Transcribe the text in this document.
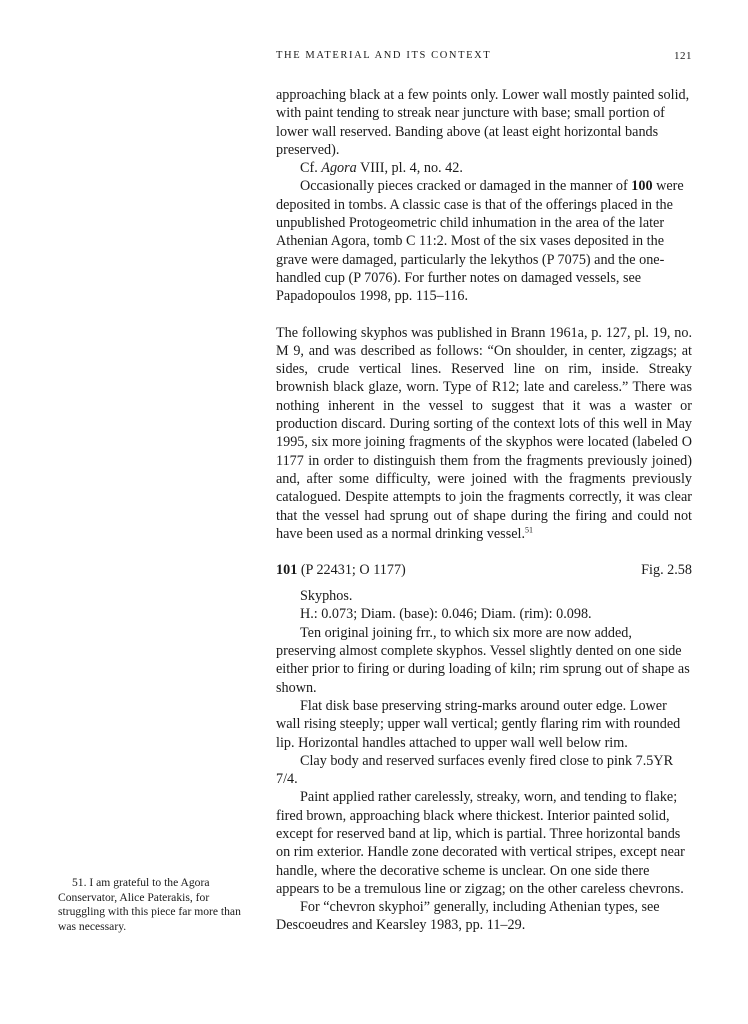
THE MATERIAL AND ITS CONTEXT	121

approaching black at a few points only. Lower wall mostly painted solid, with paint tending to streak near juncture with base; small portion of lower wall reserved. Banding above (at least eight horizontal bands preserved).

Cf. Agora VIII, pl. 4, no. 42.

Occasionally pieces cracked or damaged in the manner of 100 were deposited in tombs. A classic case is that of the offerings placed in the unpublished Protogeometric child inhumation in the area of the later Athenian Agora, tomb C 11:2. Most of the six vases deposited in the grave were damaged, particularly the lekythos (P 7075) and the one-handled cup (P 7076). For further notes on damaged vessels, see Papadopoulos 1998, pp. 115–116.

The following skyphos was published in Brann 1961a, p. 127, pl. 19, no. M 9, and was described as follows: “On shoulder, in center, zigzags; at sides, crude vertical lines. Reserved line on rim, inside. Streaky brownish black glaze, worn. Type of R12; late and careless.” There was nothing inherent in the vessel to suggest that it was a waster or production discard. During sorting of the context lots of this well in May 1995, six more joining fragments of the skyphos were located (labeled O 1177 in order to distinguish them from the fragments previously joined) and, after some difficulty, were joined with the fragments previously catalogued. Despite attempts to join the fragments correctly, it was clear that the vessel had sprung out of shape during the firing and could not have been used as a normal drinking vessel.$^{51}$

101 (P 22431; O 1177)	Fig. 2.58

Skyphos.

H.: 0.073; Diam. (base): 0.046; Diam. (rim): 0.098.

Ten original joining frr., to which six more are now added, preserving almost complete skyphos. Vessel slightly dented on one side either prior to firing or during loading of kiln; rim sprung out of shape as shown.

Flat disk base preserving string-marks around outer edge. Lower wall rising steeply; upper wall vertical; gently flaring rim with rounded lip. Horizontal handles attached to upper wall well below rim.

Clay body and reserved surfaces evenly fired close to pink 7.5YR 7/4.

Paint applied rather carelessly, streaky, worn, and tending to flake; fired brown, approaching black where thickest. Interior painted solid, except for reserved band at lip, which is partial. Three horizontal bands on rim exterior. Handle zone decorated with vertical stripes, except near handle, where the decorative scheme is unclear. On one side there appears to be a tremulous line or zigzag; on the other careless chevrons.

For “chevron skyphoi” generally, including Athenian types, see Descoeudres and Kearsley 1983, pp. 11–29.

51. I am grateful to the Agora Conservator, Alice Paterakis, for struggling with this piece far more than was necessary.
